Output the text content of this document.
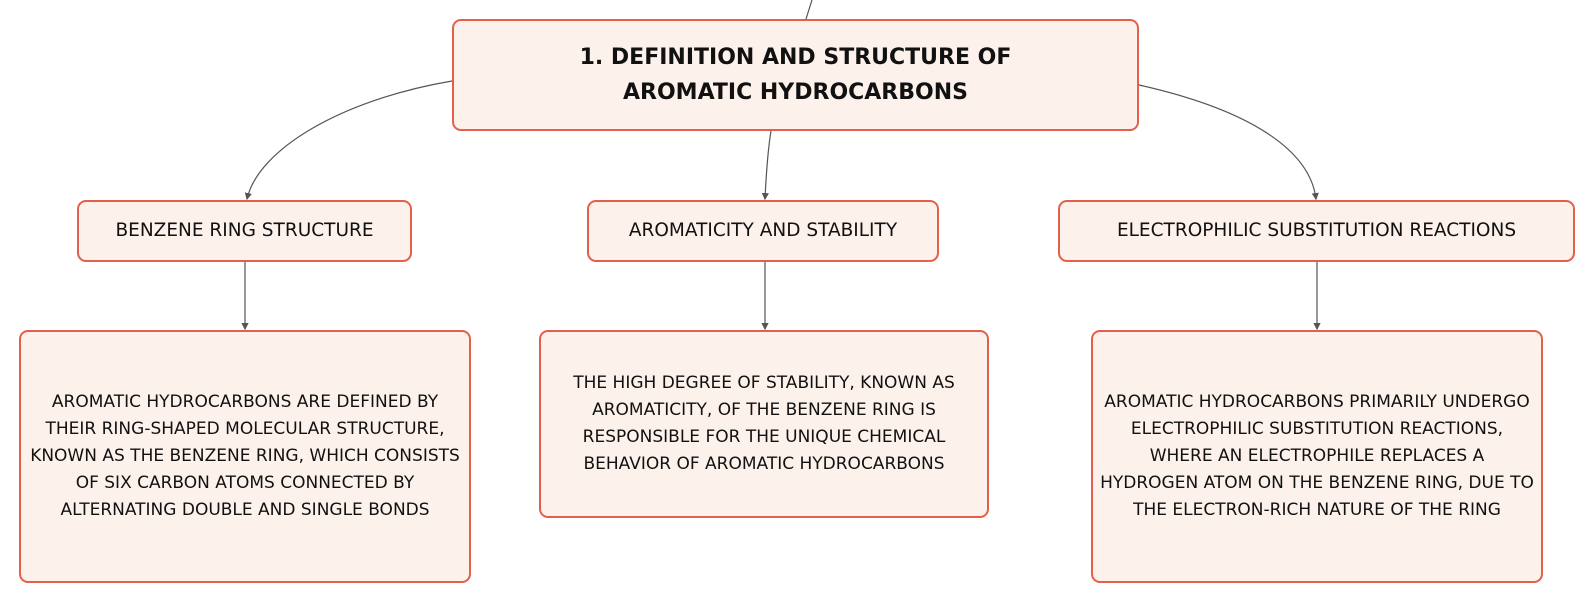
1. DEFINITION AND STRUCTURE OF AROMATIC HYDROCARBONS
BENZENE RING STRUCTURE	AROMATICITY AND STABILITY	ELECTROPHILIC SUBSTITUTION REACTIONS
AROMATIC HYDROCARBONS ARE DEFINED BY THEIR RING-SHAPED MOLECULAR STRUCTURE, KNOWN AS THE BENZENE RING, WHICH CONSISTS OF SIX CARBON ATOMS CONNECTED BY ALTERNATING DOUBLE AND SINGLE BONDS
THE HIGH DEGREE OF STABILITY, KNOWN AS AROMATICITY, OF THE BENZENE RING IS RESPONSIBLE FOR THE UNIQUE CHEMICAL BEHAVIOR OF AROMATIC HYDROCARBONS
AROMATIC HYDROCARBONS PRIMARILY UNDERGO ELECTROPHILIC SUBSTITUTION REACTIONS, WHERE AN ELECTROPHILE REPLACES A HYDROGEN ATOM ON THE BENZENE RING, DUE TO THE ELECTRON-RICH NATURE OF THE RING
